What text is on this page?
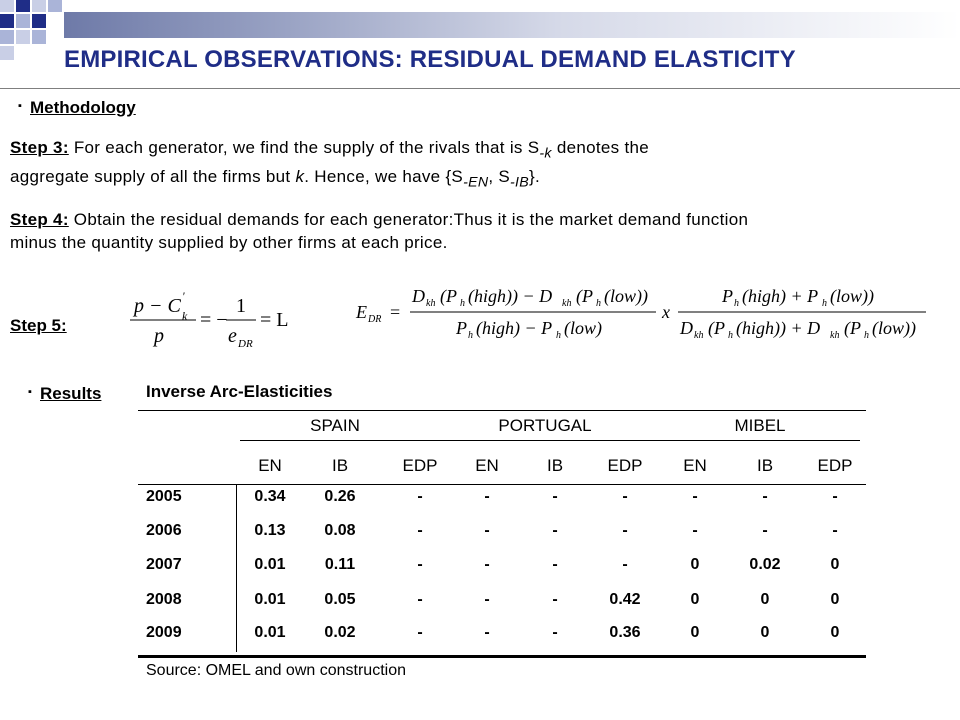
EMPIRICAL OBSERVATIONS: RESIDUAL DEMAND ELASTICITY
▪ Methodology
Step 3: For each generator, we find the supply of the rivals that is $S_{-k}$ denotes the
aggregate supply of all the firms but k. Hence, we have {$S_{-EN}$, $S_{-IB}$}.
Step 4: Obtain the residual demands for each generator:Thus it is the market demand function
minus the quantity supplied by other firms at each price.
Step 5:
p − C k
'
p
= −
1
e DR
= L	E DR =
D kh (P h (high)) − D kh (P h (low))
P h (high) − P h (low)
x
P h (high) + P h (low))
D kh (P h (high)) + D kh (P h (low))
▪ Results	Inverse Arc-Elasticities
SPAIN	PORTUGAL	MIBEL
EN	IB	EDP	EN	IB	EDP	EN	IB	EDP
2005	0.34	0.26	-	-	-	-	-	-	-
2006	0.13	0.08	-	-	-	-	-	-	-
2007	0.01	0.11	-	-	-	-	0	0.02	0
2008	0.01	0.05	-	-	-	0.42	0	0	0
2009	0.01	0.02	-	-	-	0.36	0	0	0
Source: OMEL and own construction
